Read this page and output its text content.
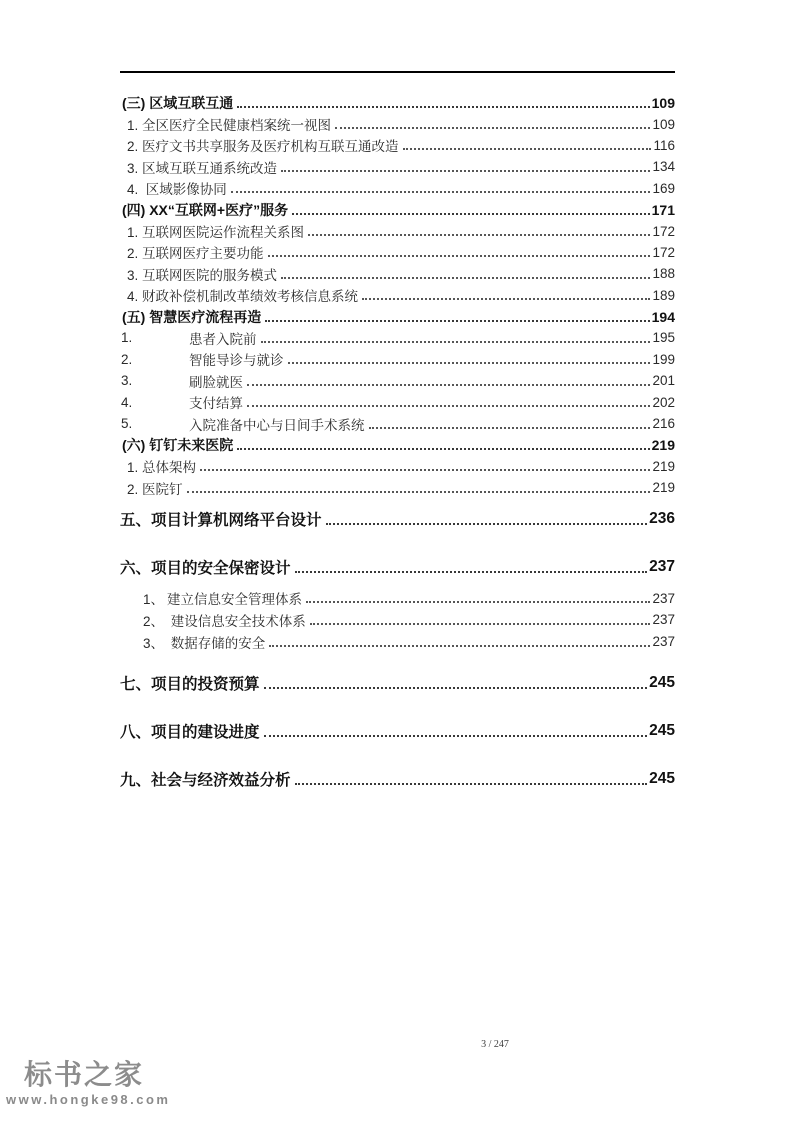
(三) 区域互联互通	109
1. 全区医疗全民健康档案统一视图	109
2. 医疗文书共享服务及医疗机构互联互通改造	116
3. 区域互联互通系统改造	134
4.  区域影像协同	169
(四) XX“互联网+医疗”服务	171
1. 互联网医院运作流程关系图	172
2. 互联网医疗主要功能	172
3. 互联网医院的服务模式	188
4. 财政补偿机制改革绩效考核信息系统	189
(五) 智慧医疗流程再造	194
1.	患者入院前	195
2.	智能导诊与就诊	199
3.	刷脸就医	201
4.	支付结算	202
5.	入院准备中心与日间手术系统	216
(六) 钉钉未来医院	219
1. 总体架构	219
2. 医院钉	219
五、项目计算机网络平台设计	236
六、项目的安全保密设计	237
1、 建立信息安全管理体系	237
2、 建设信息安全技术体系	237
3、 数据存储的安全	237
七、项目的投资预算	245
八、项目的建设进度	245
九、社会与经济效益分析	245
3 / 247
标书之家
www.hongke98.com
